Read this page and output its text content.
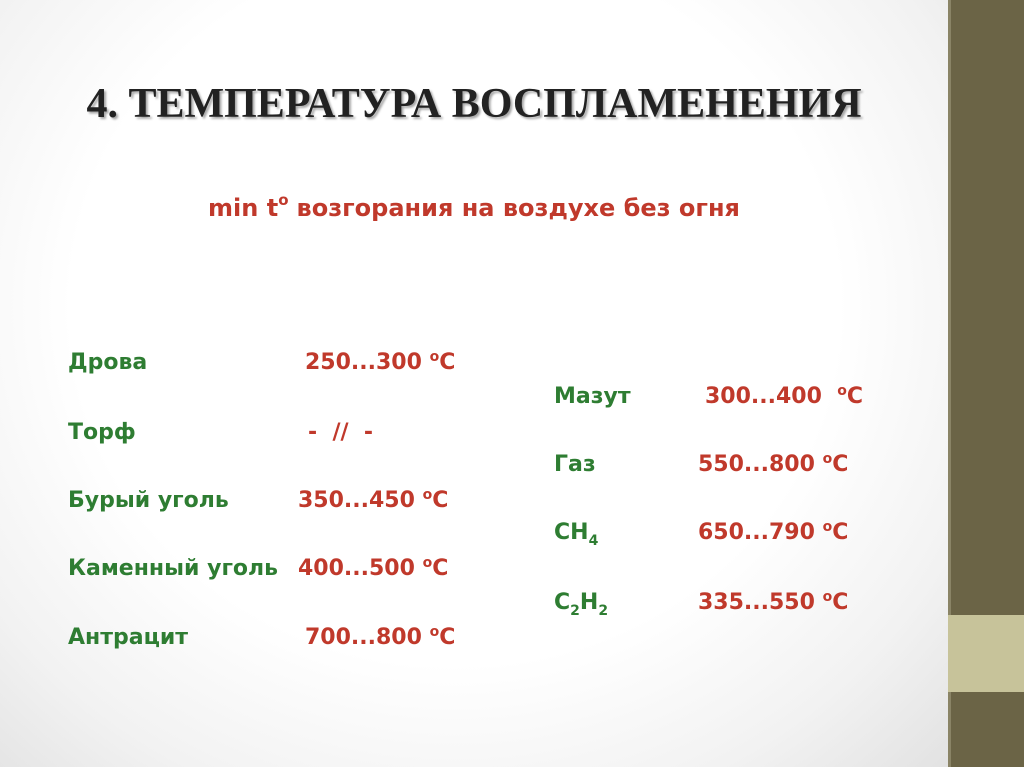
4. ТЕМПЕРАТУРА ВОСПЛАМЕНЕНИЯ
$\min t^o$ возгорания на воздухе без огня
Дрова	250...300 $^o$C
Торф	-  //  -
Бурый уголь	350...450 $^o$C
Каменный уголь 400...500 $^o$C
Антрацит	700...800 $^o$C
Мазут	300...400  $^o$C
Газ	550...800 $^o$C
$CH_4$	650...790 $^o$C
$C_2H_2$	335...550 $^o$C
